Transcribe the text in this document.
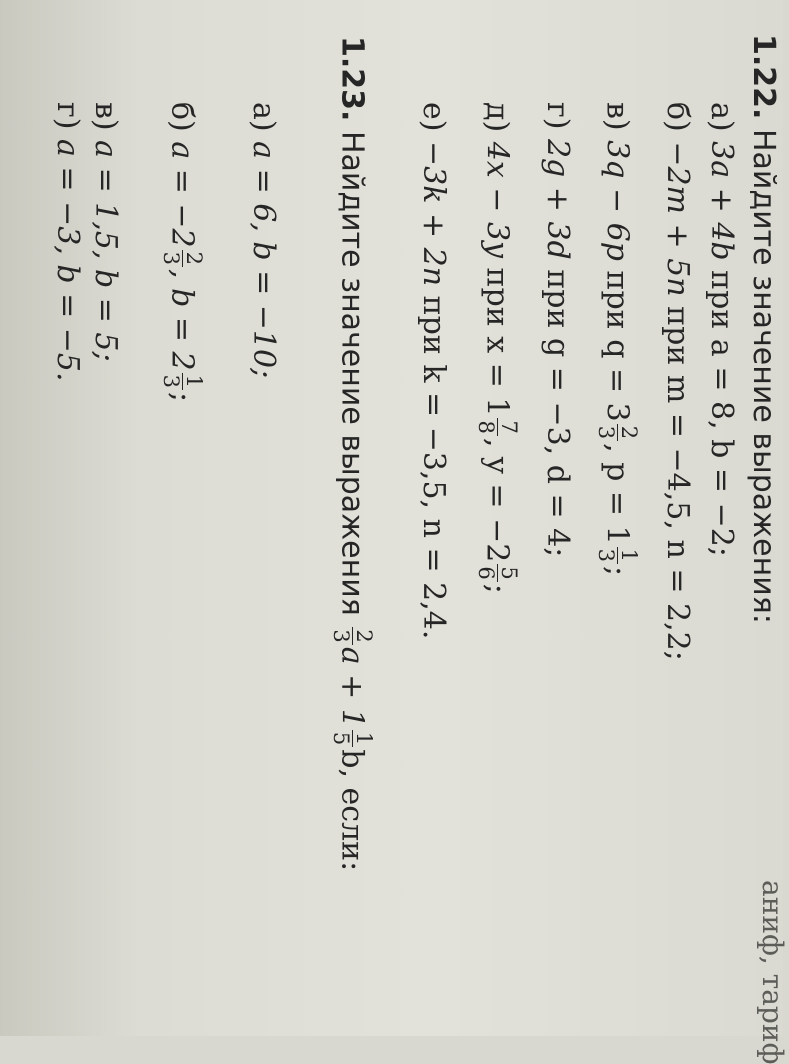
аниф, тариф
1.22. Найдите значение выражения:
а) 3a + 4b при a = 8, b = −2;
б) −2m + 5n при m = −4,5, n = 2,2;
в) 3q − 6p при q = 3
2
3
, p = 1
1
3
;
г) 2g + 3d при g = −3, d = 4;
д) 4x − 3y при x = 1
7
8
, y = −2
5
6
;
е) −3k + 2n при k = −3,5, n = 2,4.
1.23. Найдите значение выражения
2
3
a + 1
1
5
b, если:
а) a = 6, b = −10;
б) a = −2
2
3
, b = 2
1
3
;
в) a = 1,5, b = 5;
г) a = −3, b = −5.
